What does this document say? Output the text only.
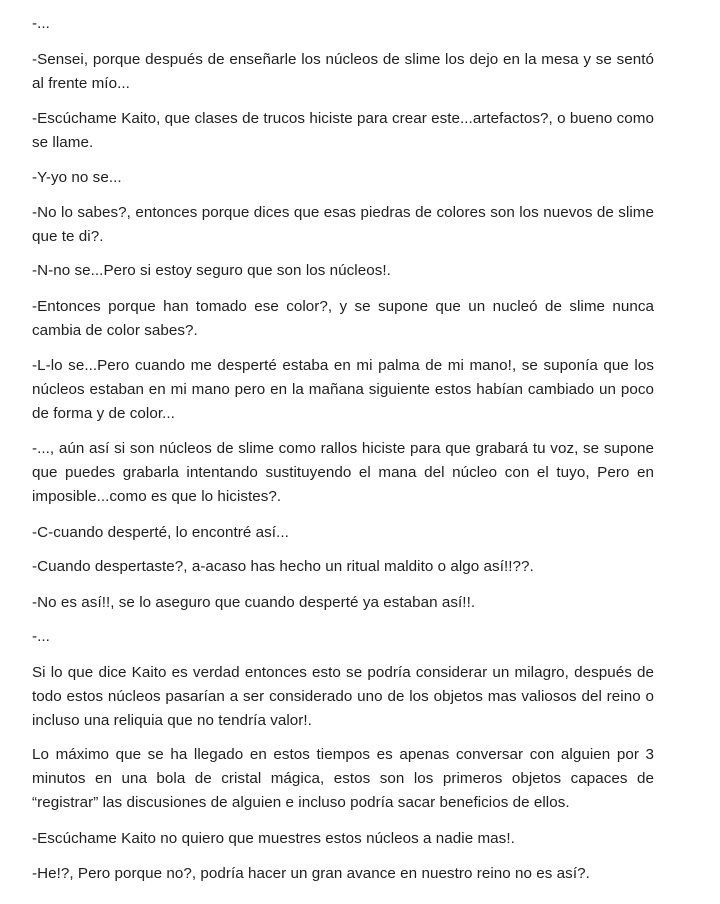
-...

-Sensei, porque después de enseñarle los núcleos de slime los dejo en la mesa y se sentó al frente mío...

-Escúchame Kaito, que clases de trucos hiciste para crear este...artefactos?, o bueno como se llame.

-Y-yo no se...

-No lo sabes?, entonces porque dices que esas piedras de colores son los nuevos de slime que te di?.

-N-no se...Pero si estoy seguro que son los núcleos!.

-Entonces porque han tomado ese color?, y se supone que un nucleó de slime nunca cambia de color sabes?.

-L-lo se...Pero cuando me desperté estaba en mi palma de mi mano!, se suponía que los núcleos estaban en mi mano pero en la mañana siguiente estos habían cambiado un poco de forma y de color...

-..., aún así si son núcleos de slime como rallos hiciste para que grabará tu voz, se supone que puedes grabarla intentando sustituyendo el mana del núcleo con el tuyo, Pero en imposible...como es que lo hicistes?.

-C-cuando desperté, lo encontré así...

-Cuando despertaste?, a-acaso has hecho un ritual maldito o algo así!!??.

-No es así!!, se lo aseguro que cuando desperté ya estaban así!!.

-...

Si lo que dice Kaito es verdad entonces esto se podría considerar un milagro, después de todo estos núcleos pasarían a ser considerado uno de los objetos mas valiosos del reino o incluso una reliquia que no tendría valor!.

Lo máximo que se ha llegado en estos tiempos es apenas conversar con alguien por 3 minutos en una bola de cristal mágica, estos son los primeros objetos capaces de “registrar” las discusiones de alguien e incluso podría sacar beneficios de ellos.

-Escúchame Kaito no quiero que muestres estos núcleos a nadie mas!.

-He!?, Pero porque no?, podría hacer un gran avance en nuestro reino no es así?.
